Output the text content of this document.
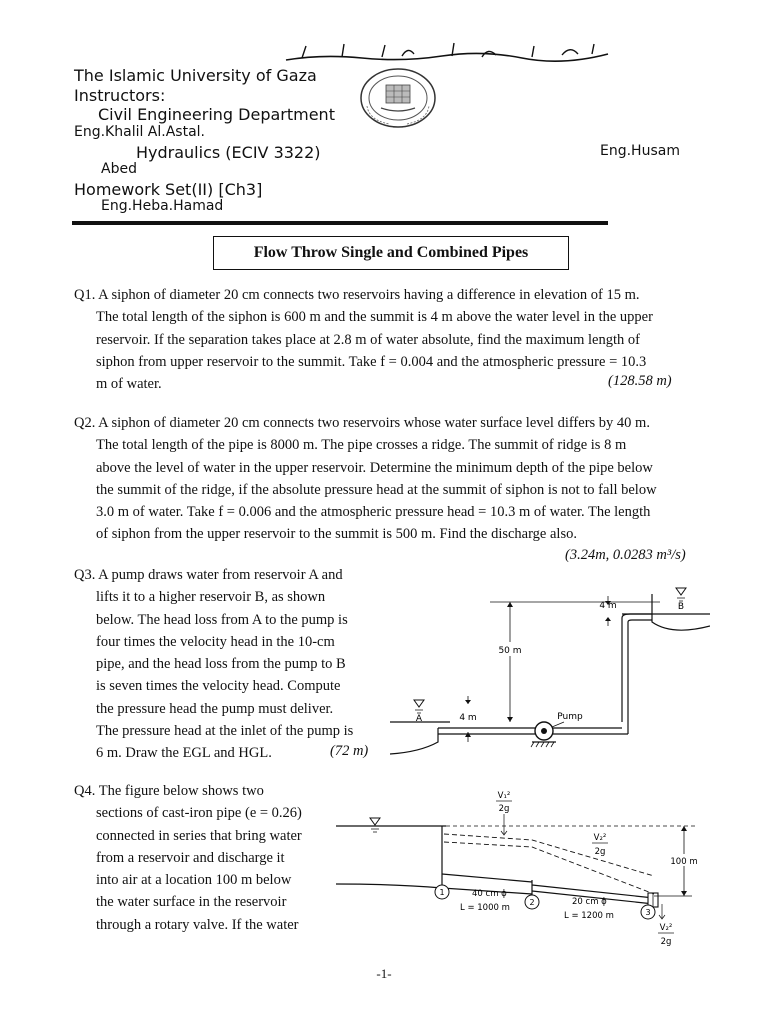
The Islamic University of Gaza
Instructors:
Civil Engineering Department
Eng.Khalil Al.Astal.
Hydraulics (ECIV 3322)	Eng.Husam
Abed
Homework Set(II) [Ch3]
Eng.Heba.Hamad
Flow Throw Single and Combined Pipes

Q1. A siphon of diameter 20 cm connects two reservoirs having a difference in elevation of 15 m.

The total length of the siphon is 600 m and the summit is 4 m above the water level in the upper

reservoir. If the separation takes place at 2.8 m of water absolute, find the maximum length of

siphon from upper reservoir to the summit. Take f = 0.004 and the atmospheric pressure = 10.3

m of water.	(128.58 m)

Q2. A siphon of diameter 20 cm connects two reservoirs whose water surface level differs by 40 m.

The total length of the pipe is 8000 m. The pipe crosses a ridge. The summit of ridge is 8 m

above the level of water in the upper reservoir. Determine the minimum depth of the pipe below

the summit of the ridge, if the absolute pressure head at the summit of siphon is not to fall below

3.0 m of water. Take f = 0.006 and the atmospheric pressure head = 10.3 m of water. The length

of siphon from the upper reservoir to the summit is 500 m. Find the discharge also.

(3.24m, 0.0283 m³/s)

Q3. A pump draws water from reservoir A and

lifts it to a higher reservoir B, as shown

below. The head loss from A to the pump is

four times the velocity head in the 10-cm

pipe, and the head loss from the pump to B

is seven times the velocity head. Compute

the pressure head the pump must deliver.

The pressure head at the inlet of the pump is

6 m. Draw the EGL and HGL.	(72 m)
B
4 m
50 m
A	4 m	Pump

Q4. The figure below shows two

sections of cast-iron pipe (e = 0.26)

connected in series that bring water

from a reservoir and discharge it

into air at a location 100 m below

the water surface in the reservoir

through a rotary valve. If the water

V₁²
2g
V₂²
2g
100 m
1	40 cm ϕ
L = 1000 m
2	20 cm ϕ
L = 1200 m	3
V₂²
2g
-1-
